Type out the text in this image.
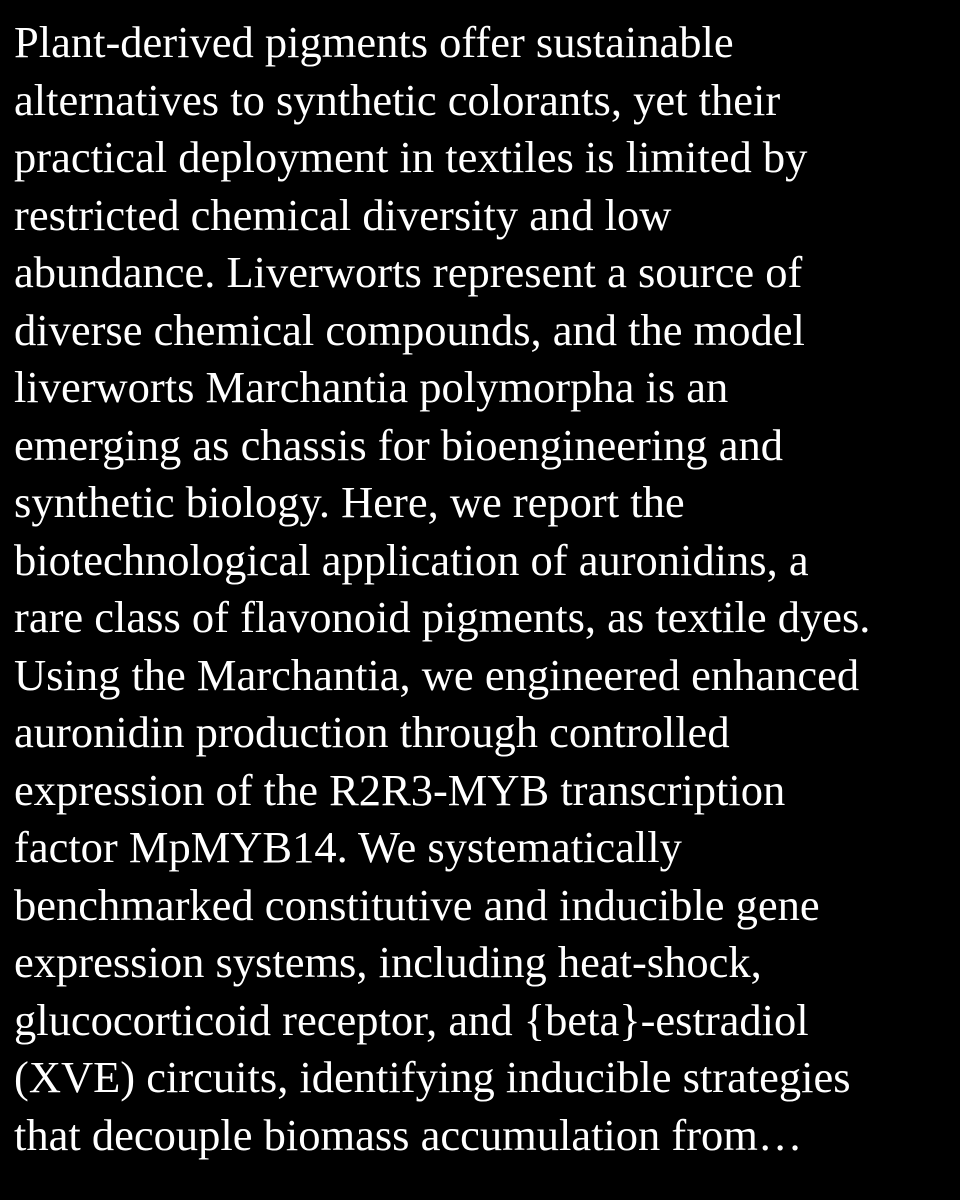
Plant-derived pigments offer sustainable
alternatives to synthetic colorants, yet their
practical deployment in textiles is limited by
restricted chemical diversity and low
abundance. Liverworts represent a source of
diverse chemical compounds, and the model
liverworts Marchantia polymorpha is an
emerging as chassis for bioengineering and
synthetic biology. Here, we report the
biotechnological application of auronidins, a
rare class of flavonoid pigments, as textile dyes.
Using the Marchantia, we engineered enhanced
auronidin production through controlled
expression of the R2R3-MYB transcription
factor MpMYB14. We systematically
benchmarked constitutive and inducible gene
expression systems, including heat-shock,
glucocorticoid receptor, and {beta}-estradiol
(XVE) circuits, identifying inducible strategies
that decouple biomass accumulation from…
